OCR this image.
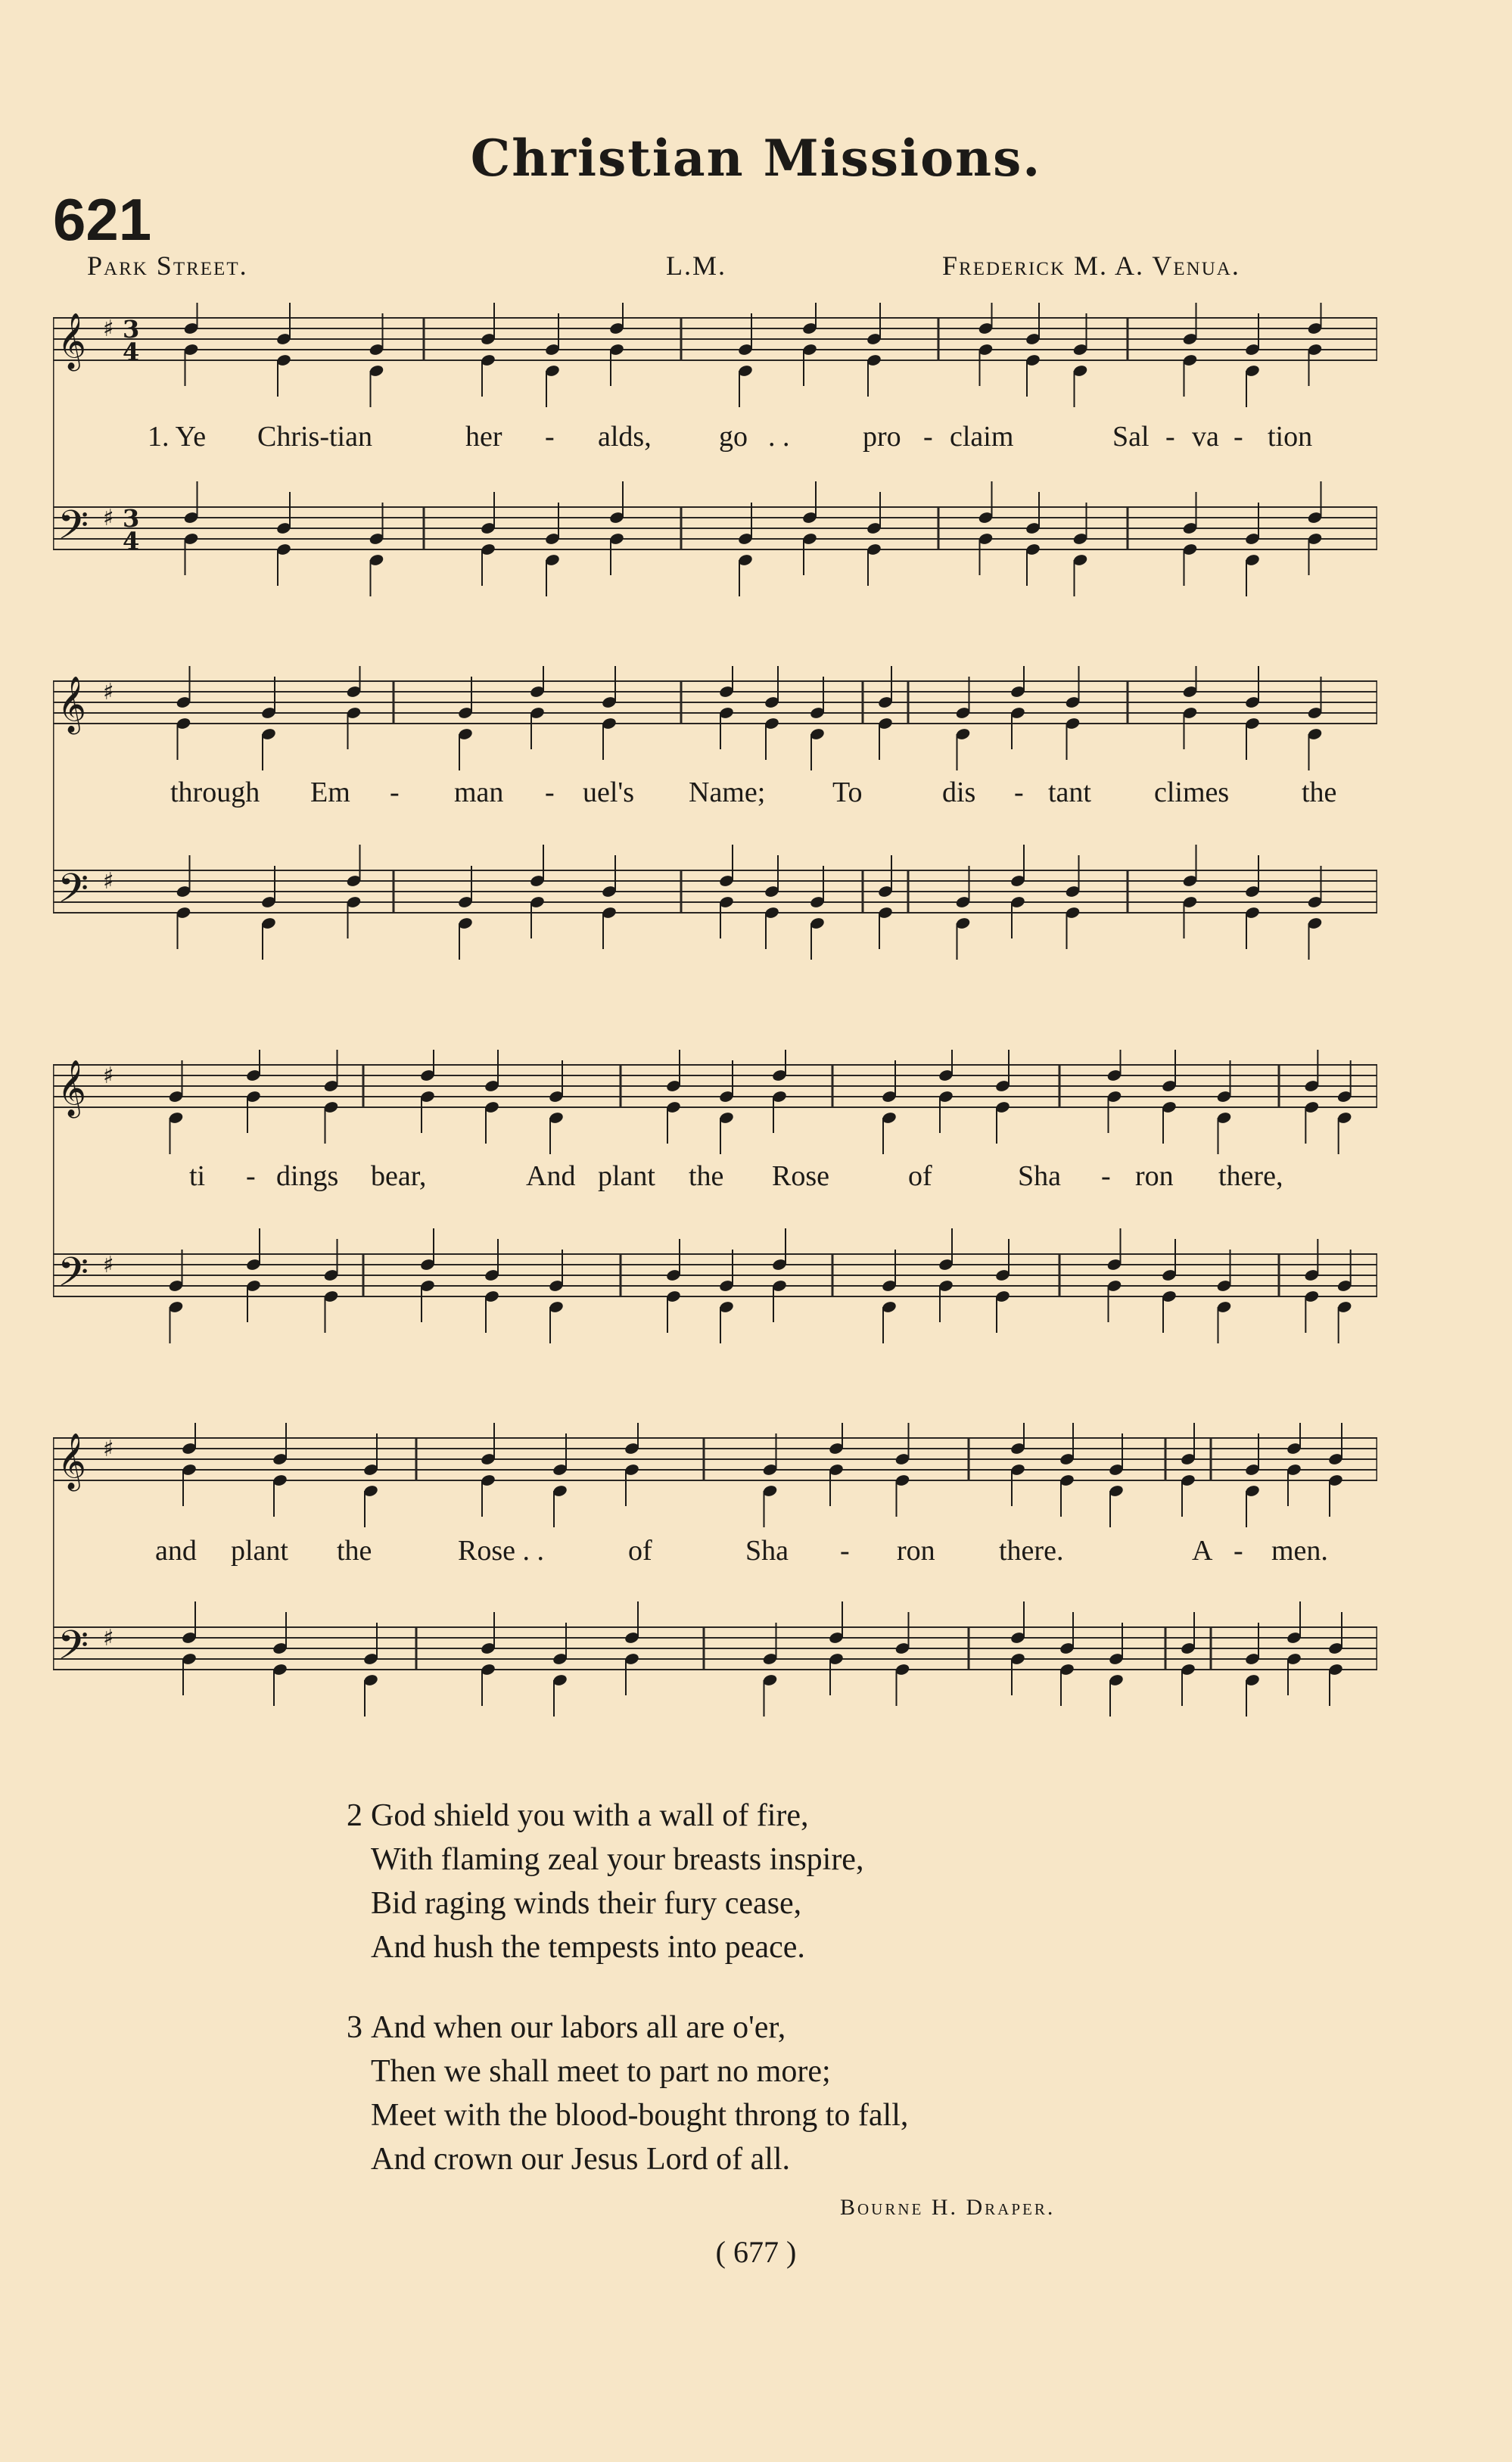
Christian Missions.
621
Park Street.	L.M.	Frederick M. A. Venua.
𝄞 ♯ 3
4
𝄢 ♯ 3
4
1. Ye Chris-tian	her - alds, go . .	pro - claim	Sal - va - tion
𝄞 ♯
𝄢 ♯
through Em - man - uel's Name; To	dis - tant climes	the
𝄞 ♯
𝄢 ♯
ti - dings bear,	And plant the Rose	of	Sha - ron there,
𝄞 ♯
𝄢 ♯
and plant the	Rose . .	of	Sha - ron there.	A - men.
2 God shield you with a wall of fire,
With flaming zeal your breasts inspire,
Bid raging winds their fury cease,
And hush the tempests into peace.
3 And when our labors all are o'er,
Then we shall meet to part no more;
Meet with the blood-bought throng to fall,
And crown our Jesus Lord of all.
Bourne H. Draper.
( 677 )
